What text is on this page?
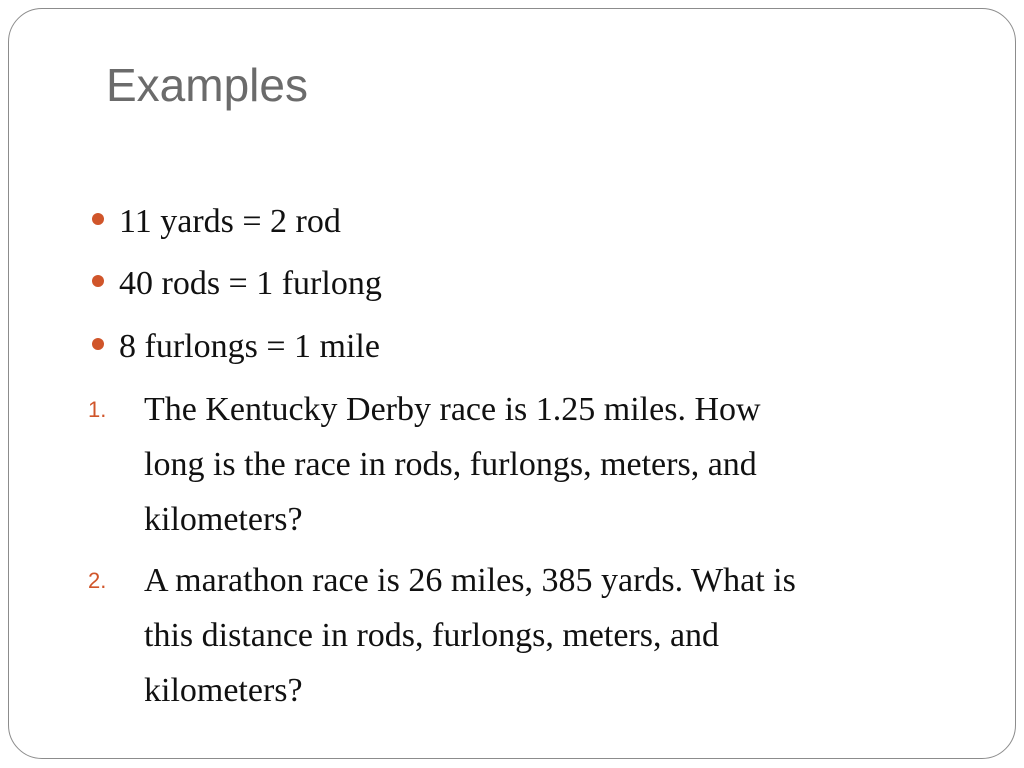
Examples
11 yards = 2 rod
40 rods = 1 furlong
8 furlongs = 1 mile
1. The Kentucky Derby race is 1.25 miles. How
long is the race in rods, furlongs, meters, and
kilometers?
2. A marathon race is 26 miles, 385 yards. What is
this distance in rods, furlongs, meters, and
kilometers?
